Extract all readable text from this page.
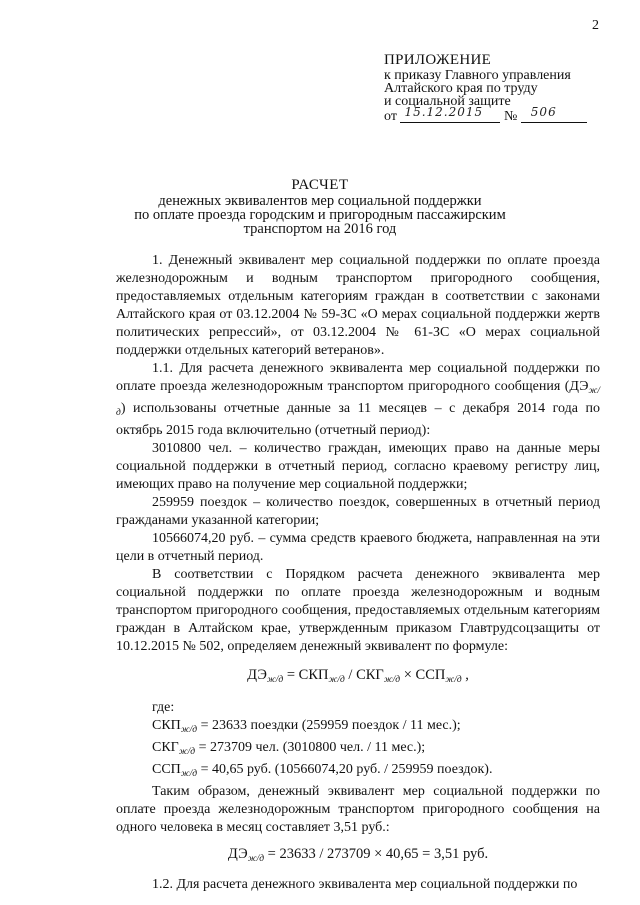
2
ПРИЛОЖЕНИЕ
к приказу Главного управления
Алтайского края по труду
и социальной защите
от 15.12.2015 № 506
РАСЧЕТ
денежных эквивалентов мер социальной поддержки
по оплате проезда городским и пригородным пассажирским
транспортом на 2016 год

1. Денежный эквивалент мер социальной поддержки по оплате проезда железнодорожным и водным транспортом пригородного сообщения, предоставляемых отдельным категориям граждан в соответствии с законами Алтайского края от 03.12.2004 № 59-ЗС «О мерах социальной поддержки жертв политических репрессий», от 03.12.2004 № 61-ЗС «О мерах социальной поддержки отдельных категорий ветеранов».

1.1. Для расчета денежного эквивалента мер социальной поддержки по оплате проезда железнодорожным транспортом пригородного сообщения $(ДЭ_{ж/д})$ использованы отчетные данные за 11 месяцев – с декабря 2014 года по октябрь 2015 года включительно (отчетный период):

3010800 чел. – количество граждан, имеющих право на данные меры социальной поддержки в отчетный период, согласно краевому регистру лиц, имеющих право на получение мер социальной поддержки;

259959 поездок – количество поездок, совершенных в отчетный период гражданами указанной категории;

10566074,20 руб. – сумма средств краевого бюджета, направленная на эти цели в отчетный период.

В соответствии с Порядком расчета денежного эквивалента мер социальной поддержки по оплате проезда железнодорожным и водным транспортом пригородного сообщения, предоставляемых отдельным категориям граждан в Алтайском крае, утвержденным приказом Главтрудсоцзащиты от 10.12.2015 № 502, определяем денежный эквивалент по формуле:

$ДЭ_{ж/д} = СКП_{ж/д} / СКГ_{ж/д} \times ССП_{ж/д}$ ,

где:

$СКП_{ж/д} = 23633$ поездки (259959 поездок / 11 мес.);

$СКГ_{ж/д} = 273709$ чел. (3010800 чел. / 11 мес.);

$ССП_{ж/д} = 40,65$ руб. (10566074,20 руб. / 259959 поездок).

Таким образом, денежный эквивалент мер социальной поддержки по оплате проезда железнодорожным транспортом пригородного сообщения на одного человека в месяц составляет 3,51 руб.:

$ДЭ_{ж/д} = 23633 / 273709 \times 40,65 = 3,51$ руб.

1.2. Для расчета денежного эквивалента мер социальной поддержки по
